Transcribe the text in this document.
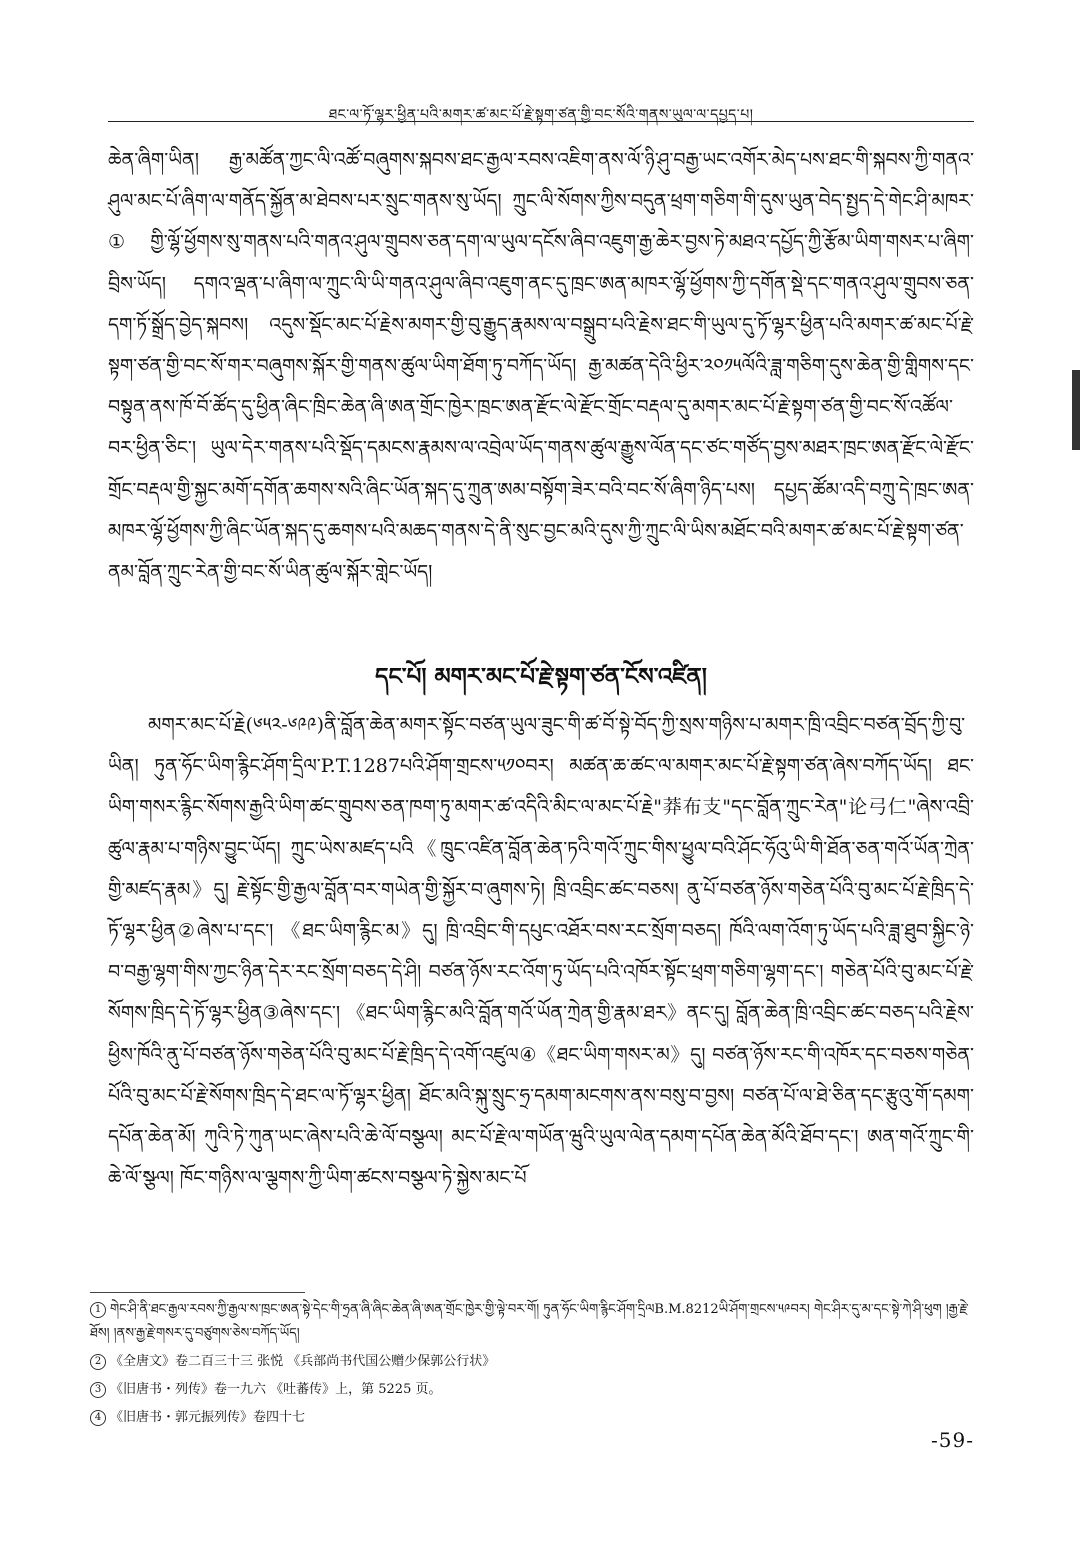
ཐང་ལ་ཏོ་ལྷར་ཕྱིན་པའི་མགར་ཚ་མང་པོ་རྗེ་སྟག་ཙན་གྱི་བང་སོའི་གནས་ཡུལ་ལ་དཔྱད་པ།

ཆེན་ཞིག་ཡིན། རྒྱ་མཚོན་ཀྱང་ལི་འཚོ་བཞུགས་སྐབས་ཐང་རྒྱལ་རབས་འཇིག་ནས་ལོ་ཉི་ཤུ་བརྒྱ་ཡང་འགོར་མེད་པས་ཐང་གི་སྐབས་ཀྱི་གནའ་ཤུལ་མང་པོ་ཞིག་ལ་གནོད་སྐྱོན་མ་ཐེབས་པར་སྲུང་གནས་སུ་ཡོད། ཀྲུང་ལི་སོགས་ཀྱིས་བདུན་ཕྲག་གཅིག་གི་དུས་ཡུན་བེད་སྤྱད་དེ་གེང་ཤི་མཁར་①གྱི་ལྷོ་ཕྱོགས་སུ་གནས་པའི་གནའ་ཤུལ་གྲུབས་ཅན་དག་ལ་ཡུལ་དངོས་ཞིབ་འཇུག་རྒྱ་ཆེར་བྱས་ཏེ་མཐའ་དཔྱོད་ཀྱི་རྩོམ་ཡིག་གསར་པ་ཞིག་བྲིས་ཡོད། དགའ་ལྡན་པ་ཞིག་ལ་ཀྲུང་ལི་ཡི་གནའ་ཤུལ་ཞིབ་འཇུག་ནང་དུ་ཁྲང་ཨན་མཁར་ལྷོ་ཕྱོགས་ཀྱི་དགོན་སྡེ་དང་གནའ་ཤུལ་གྲུབས་ཅན་དག་ཏོ་སྒྲོད་བྱེད་སྐབས། འདུས་སྡོང་མང་པོ་རྗེས་མགར་གྱི་བུ་རྒྱུད་རྣམས་ལ་བསྒྲུབ་པའི་རྗེས་ཐང་གི་ཡུལ་དུ་ཏོ་ལྷར་ཕྱིན་པའི་མགར་ཚ་མང་པོ་རྗེ་སྟག་ཙན་གྱི་བང་སོ་གར་བཞུགས་སྐོར་གྱི་གནས་ཚུལ་ཡིག་ཐོག་ཏུ་བཀོད་ཡོད། རྒྱ་མཚན་དེའི་ཕྱིར་༢༠༡༥ལོའི་ཟླ་གཅིག་དུས་ཆེན་གྱི་གླིགས་དང་བསྟུན་ནས་ཁོ་བོ་ཚོད་དུ་ཕྱིན་ཞིང་ཁྲིང་ཆེན་ཞི་ཨན་གྲོང་ཁྱེར་ཁྲང་ཨན་རྫོང་ལེ་རྫོང་གྲོང་བརྡལ་དུ་མགར་མང་པོ་རྗེ་སྟག་ཙན་གྱི་བང་སོ་འཚོལ་བར་ཕྱིན་ཅིང་། ཡུལ་དེར་གནས་པའི་སྡོད་དམངས་རྣམས་ལ་འབྲེལ་ཡོད་གནས་ཚུལ་རྒྱུས་ལོན་དང་ཙང་གཙོད་བྱས་མཐར་ཁྲང་ཨན་རྫོང་ལེ་རྫོང་གྲོང་བརྡལ་གྱི་སྐྱང་མགོ་དགོན་ཆགས་སའི་ཞིང་ཡོན་སྐད་དུ་ཀྲུན་ཨམ་བསྟོག་ཟེར་བའི་བང་སོ་ཞིག་ཉིད་པས། དཔྱད་ཚོམ་འདི་བཀྲུ་དེ་ཁྲང་ཨན་མཁར་ལྷོ་ཕྱོགས་ཀྱི་ཞིང་ཡོན་སྐད་དུ་ཆགས་པའི་མཆད་གནས་དེ་ནི་སུང་བྱང་མའི་དུས་ཀྱི་ཀྲུང་ལི་ཡིས་མཐོང་བའི་མགར་ཚ་མང་པོ་རྗེ་སྟག་ཙན་ནམ་བློན་ཀྲུང་རེན་གྱི་བང་སོ་ཡིན་ཚུལ་སྐོར་གླེང་ཡོད།

དང་པོ། མགར་མང་པོ་རྗེ་སྟག་ཙན་ངོས་འཛིན།

མགར་མང་པོ་རྗེ(༦༥༢-༦༩༩)ནི་བློན་ཆེན་མགར་སྟོང་བཙན་ཡུལ་ཟུང་གི་ཚ་བོ་སྟེ་བོད་ཀྱི་སྲས་གཉིས་པ་མགར་ཁྲི་འབྲིང་བཙན་བྲོད་ཀྱི་བུ་ཡིན། ཏུན་ཧོང་ཡིག་རྙིང་ཤོག་དྲིལ་P.T.1287པའི་ཤོག་གྲངས་༥༡༠བར། མཚན་ཆ་ཚང་ལ་མགར་མང་པོ་རྗེ་སྟག་ཙན་ཞེས་བཀོད་ཡོད། ཐང་ཡིག་གསར་རྙིང་སོགས་རྒྱའི་ཡིག་ཚང་གྲུབས་ཅན་ཁག་ཏུ་མགར་ཚ་འདིའི་མིང་ལ་མང་པོ་རྗེ"莽布支"དང་བློན་ཀྲུང་རེན"论弓仁"ཞེས་འབྲི་ཚུལ་རྣམ་པ་གཉིས་བྱུང་ཡོད། ཀྲུང་ཡེས་མཛད་པའི《ཁྲུང་འཛིན་བློན་ཆེན་ཏའི་གའོ་ཀྲུང་གིས་ཕྱུལ་བའི་ཤོང་ཧོའུ་ཡི་གི་ཐོན་ཅན་གའོ་ཡོན་ཀྲེན་གྱི་མཛད་རྣམ》དུ། རྗེ་སྟོང་གྱི་རྒྱལ་བློན་བར་གཡེན་གྱི་སྐྱོར་བ་ཞུགས་ཏེ། ཁྲི་འབྲིང་ཚང་བཅས། ནུ་པོ་བཙན་ཉོས་གཅེན་པོའི་བུ་མང་པོ་རྗེ་ཁྲིད་དེ་ཏོ་ལྷར་ཕྱིན②ཞེས་པ་དང་། 《ཐང་ཡིག་རྙིང་མ》དུ། ཁྲི་འབྲིང་གི་དཔུང་འཐོར་བས་རང་སྲོག་བཅད། ཁོའི་ལག་འོག་ཏུ་ཡོད་པའི་ཟླ་ཐུབ་སྐྱིང་ཉེ་བ་བརྒྱ་ལྷག་གིས་ཀྱང་ཉིན་དེར་རང་སྲོག་བཅད་དེ་ཤི། བཙན་ཉོས་རང་འོག་ཏུ་ཡོད་པའི་འཁོར་སྟོང་ཕྲག་གཅིག་ལྷག་དང་། གཅེན་པོའི་བུ་མང་པོ་རྗེ་སོགས་ཁྲིད་དེ་ཏོ་ལྷར་ཕྱིན③ཞེས་དང་། 《ཐང་ཡིག་རྙིང་མའི་བློན་གའོ་ཡོན་ཀྲེན་གྱི་རྣམ་ཐར》ནང་དུ། བློན་ཆེན་ཁྲི་འབྲིང་ཚང་བཅད་པའི་རྗེས་ཕྱིས་ཁོའི་ནུ་པོ་བཙན་ཉོས་གཅེན་པོའི་བུ་མང་པོ་རྗེ་ཁྲིད་དེ་འགོ་འཛུལ④《ཐང་ཡིག་གསར་མ》དུ། བཙན་ཉོས་རང་གི་འཁོར་དང་བཅས་གཅེན་པོའི་བུ་མང་པོ་རྗེ་སོགས་ཁྲིད་དེ་ཐང་ལ་ཏོ་ལྷར་ཕྱིན། ཐོང་མའི་སྐུ་སྲུང་ཧྲ་དམག་མངགས་ནས་བསུ་བ་བྱས། བཙན་པོ་ལ་ཐེ་ཅིན་དང་རྩུའུ་གོ་དམག་དཔོན་ཆེན་མོ། ཀུའི་ཏེ་ཀུན་ཡང་ཞེས་པའི་ཆེ་ལོ་བསྩལ། མང་པོ་རྗེ་ལ་གཡོན་ཝུའི་ཡུལ་ལེན་དམག་དཔོན་ཆེན་མོའི་ཐོབ་དང་། ཨན་གའོ་ཀྲུང་གི་ཆེ་ལོ་སྩལ། ཁོང་གཉིས་ལ་ལྕགས་ཀྱི་ཡིག་ཚངས་བསྩལ་ཏེ་སྐྱེས་མང་པོ

1 གེང་ཤི་ནི་ཐང་རྒྱལ་རབས་ཀྱི་རྒྱལ་ས་ཁྲང་ཨན་སྟེ་དེང་གི་ཧྲན་ཞི་ཞིང་ཆེན་ཞི་ཨན་གྲོང་ཁྱེར་གྱི་ལྟེ་བར་གོ། ཏུན་ཧོང་ཡིག་རྙིང་ཤོག་དྲིལB.M.8212ཡི་ཤོག་གྲངས་༥༩བར། གེང་ཤིར་དུ་མ་དང་སྟེ་ཀེ་ཤི་ཕུག །རྒྱ་རྗེ་ཐོས། །ནས་རྒྱ་རྗེ་གསར་དུ་བཙུགས་ཅེས་བཀོད་ཡོད།

2 《全唐文》卷二百三十三 张悦 《兵部尚书代国公赠少保郭公行状》

3 《旧唐书・列传》卷一九六 《吐蕃传》上，第 5225 页。

4 《旧唐书・郭元振列传》卷四十七

-59-
